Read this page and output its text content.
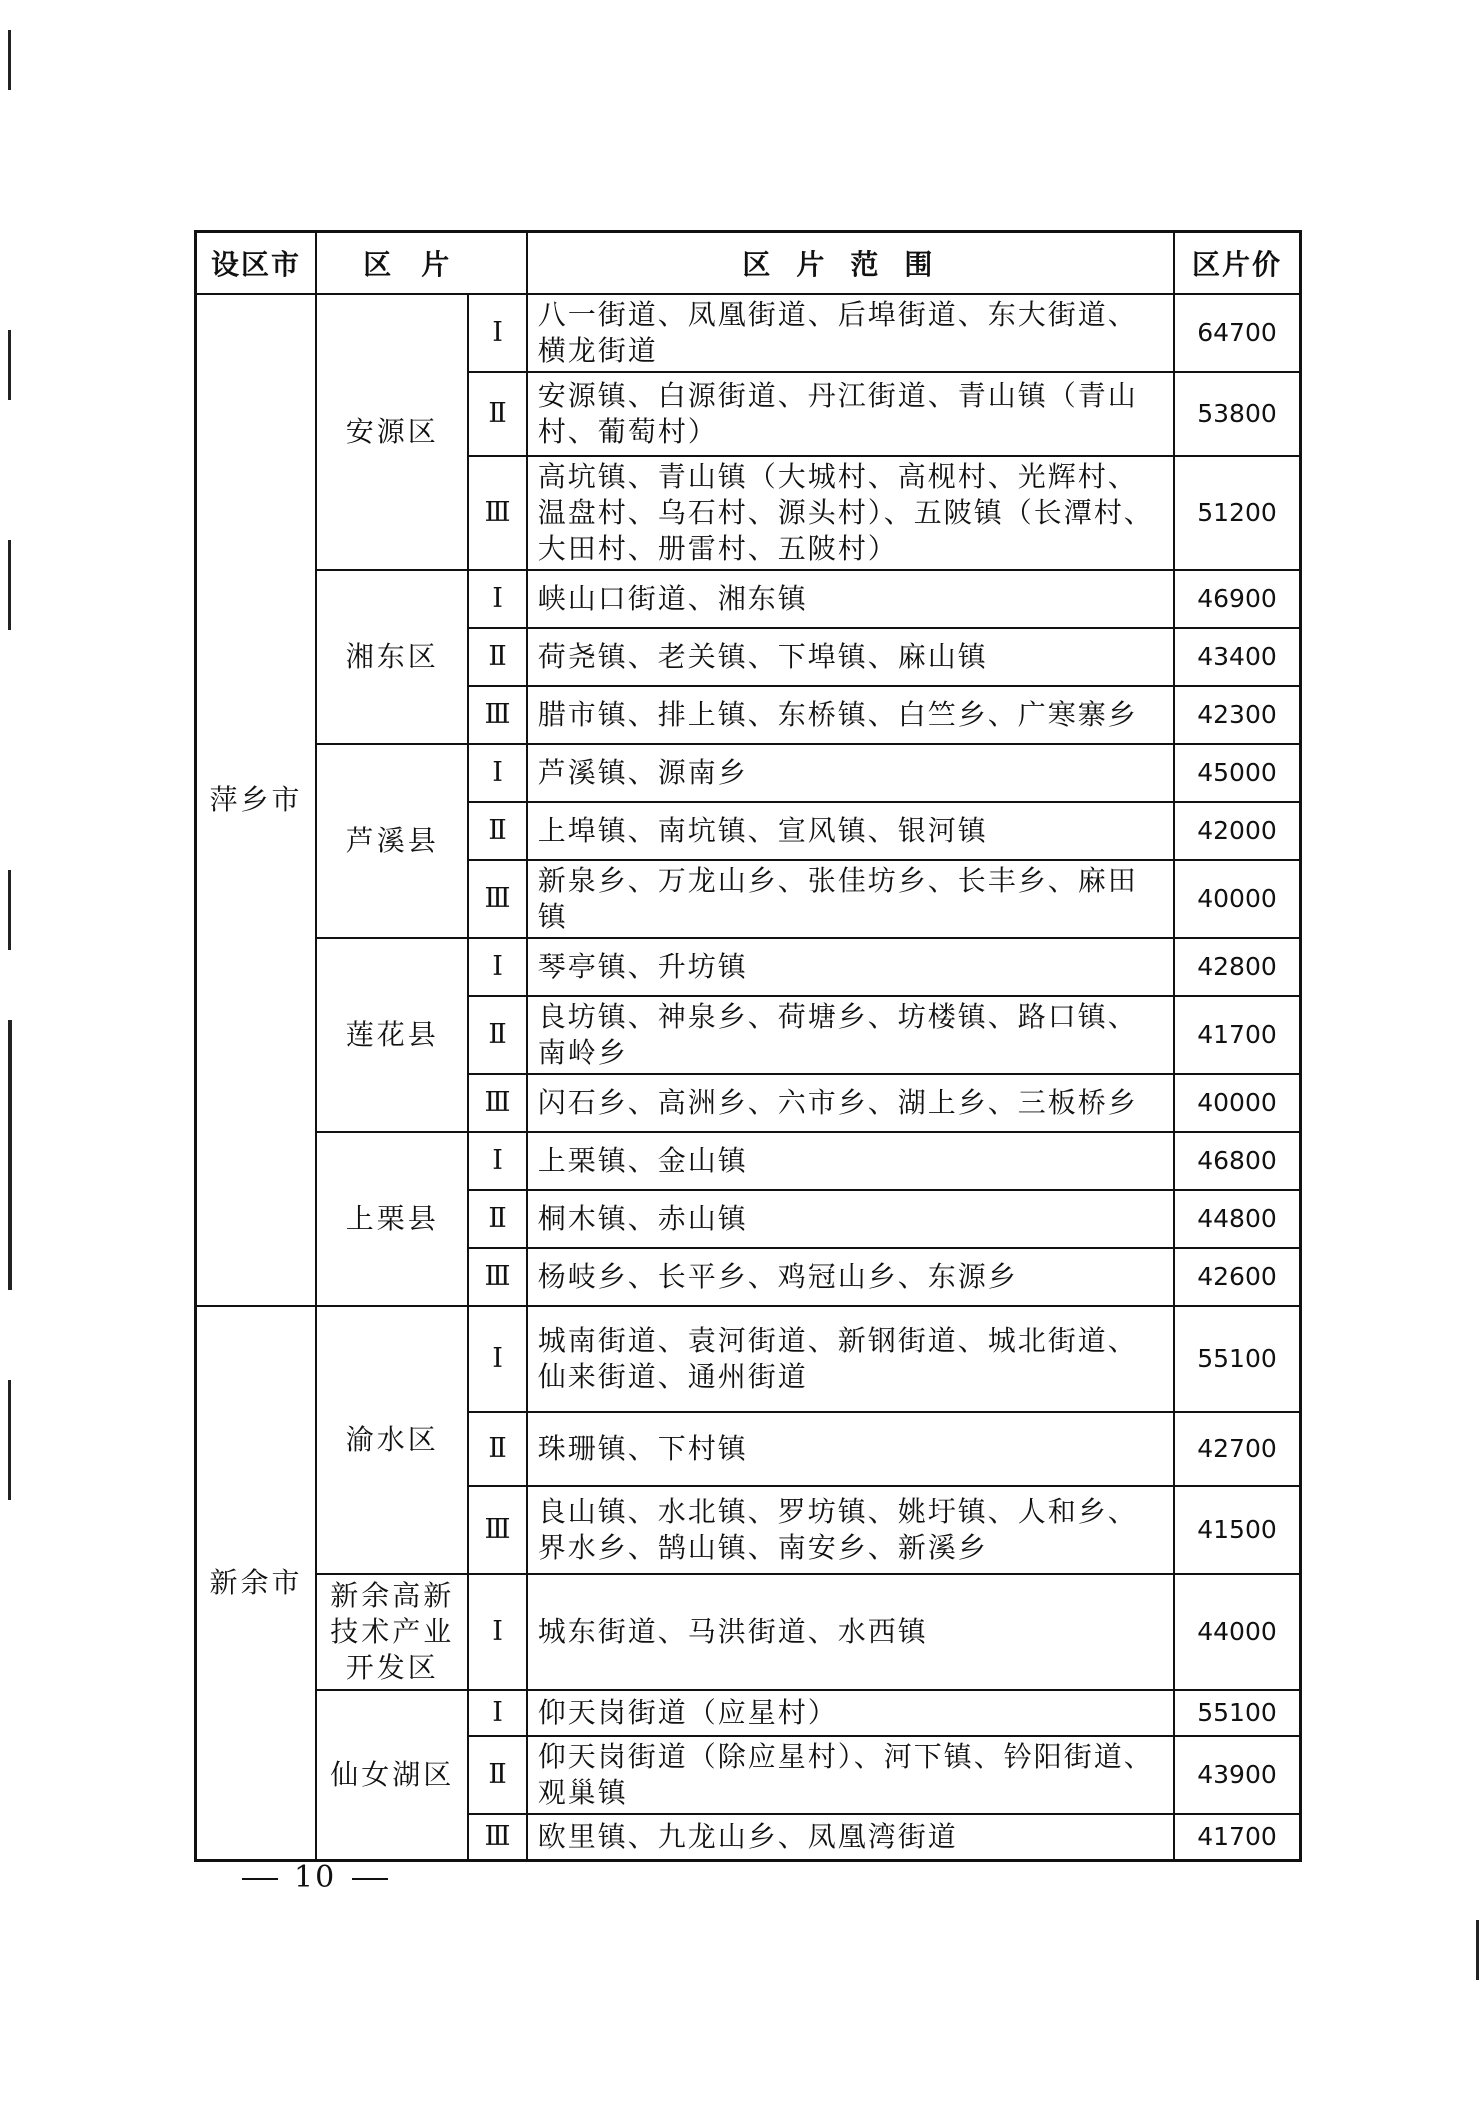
设区市	区片		区片范围	区片价
萍乡市	安源区	Ⅰ	八一街道、凤凰街道、后埠街道、东大街道、横龙街道	64700
		Ⅱ	安源镇、白源街道、丹江街道、青山镇（青山村、葡萄村）	53800
		Ⅲ	高坑镇、青山镇（大城村、高枧村、光辉村、温盘村、乌石村、源头村）、五陂镇（长潭村、大田村、册雷村、五陂村）	51200
	湘东区	Ⅰ	峡山口街道、湘东镇	46900
		Ⅱ	荷尧镇、老关镇、下埠镇、麻山镇	43400
		Ⅲ	腊市镇、排上镇、东桥镇、白竺乡、广寒寨乡	42300
	芦溪县	Ⅰ	芦溪镇、源南乡	45000
		Ⅱ	上埠镇、南坑镇、宣风镇、银河镇	42000
		Ⅲ	新泉乡、万龙山乡、张佳坊乡、长丰乡、麻田镇	40000
	莲花县	Ⅰ	琴亭镇、升坊镇	42800
		Ⅱ	良坊镇、神泉乡、荷塘乡、坊楼镇、路口镇、南岭乡	41700
		Ⅲ	闪石乡、高洲乡、六市乡、湖上乡、三板桥乡	40000
	上栗县	Ⅰ	上栗镇、金山镇	46800
		Ⅱ	桐木镇、赤山镇	44800
		Ⅲ	杨岐乡、长平乡、鸡冠山乡、东源乡	42600
新余市	渝水区	Ⅰ	城南街道、袁河街道、新钢街道、城北街道、仙来街道、通州街道	55100
		Ⅱ	珠珊镇、下村镇	42700
		Ⅲ	良山镇、水北镇、罗坊镇、姚圩镇、人和乡、界水乡、鹄山镇、南安乡、新溪乡	41500
	新余高新技术产业开发区	Ⅰ	城东街道、马洪街道、水西镇	44000
	仙女湖区	Ⅰ	仰天岗街道（应星村）	55100
		Ⅱ	仰天岗街道（除应星村）、河下镇、钤阳街道、观巢镇	43900
		Ⅲ	欧里镇、九龙山乡、凤凰湾街道	41700
10
